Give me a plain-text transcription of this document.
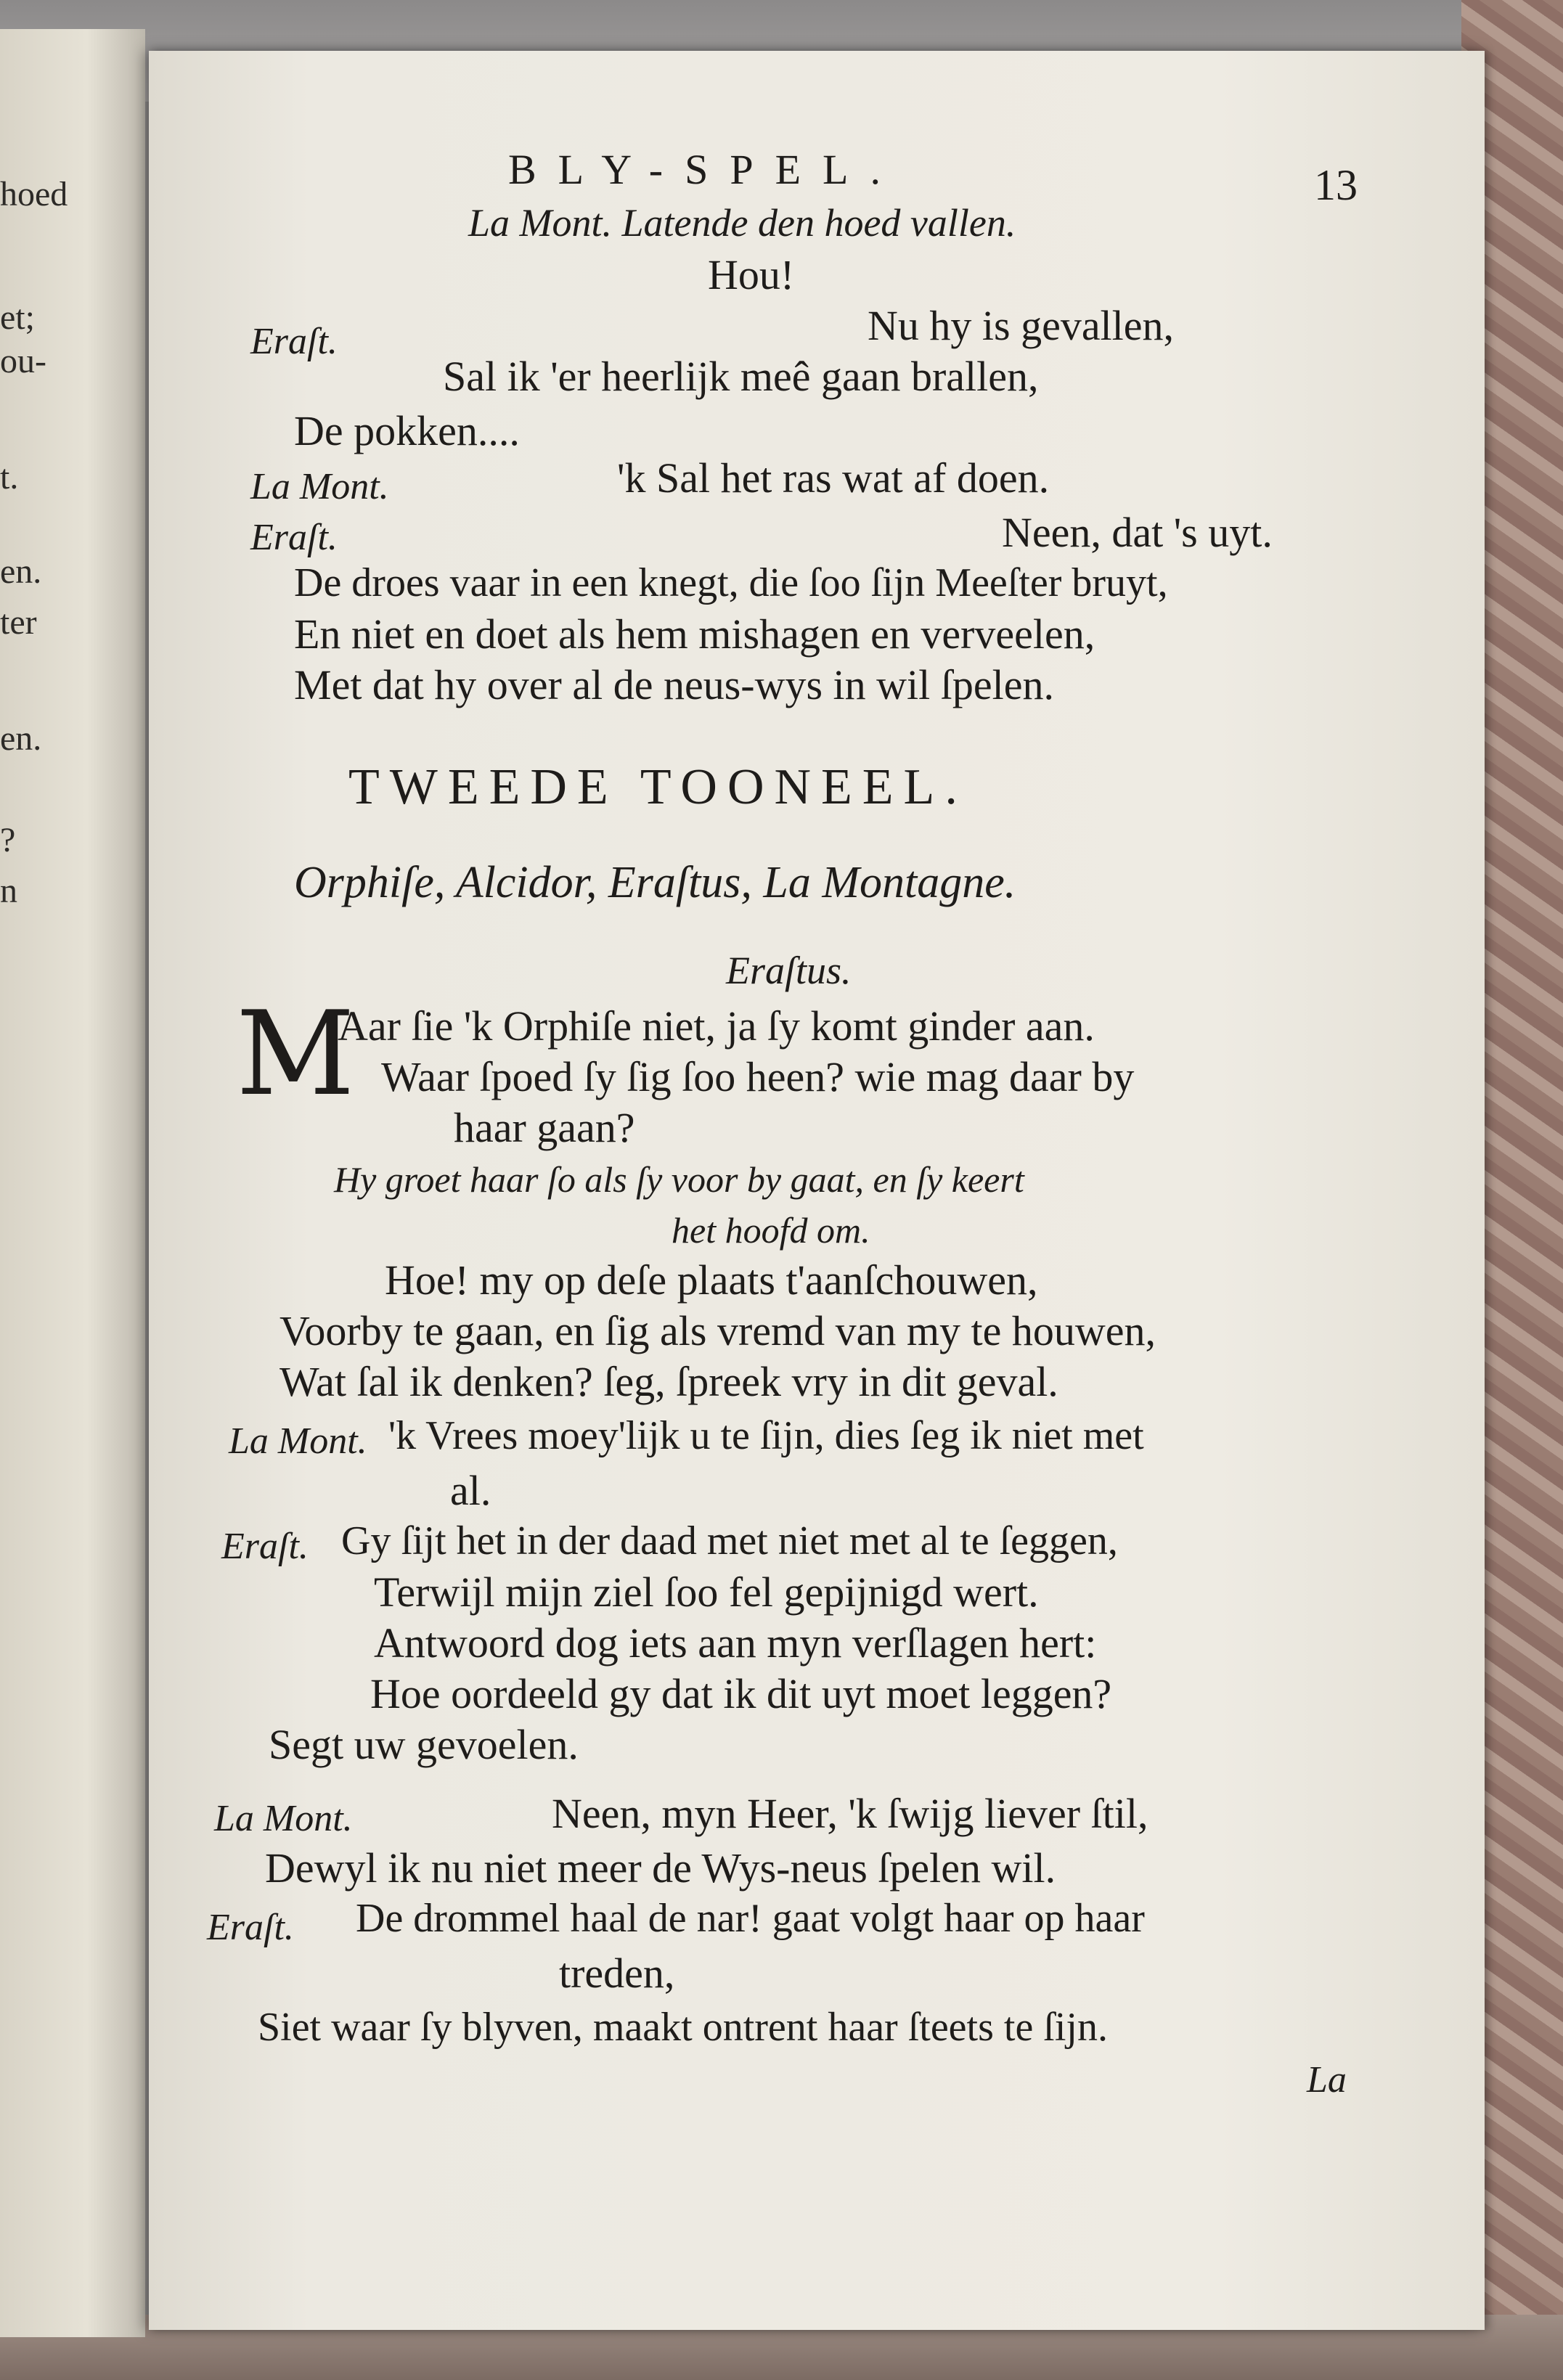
hoed
et;
ou-
t.
en.
ter
en.
?
n
BLY-SPEL.	13
La Mont. Latende den hoed vallen.
Hou!
Eraſt.	Nu hy is gevallen,
Sal ik 'er heerlijk meê gaan brallen,
De pokken....
La Mont.	'k Sal het ras wat af doen.
Eraſt.	Neen, dat 's uyt.
De droes vaar in een knegt, die ſoo ſijn Meeſter bruyt,
En niet en doet als hem mishagen en verveelen,
Met dat hy over al de neus-wys in wil ſpelen.
TWEEDE TOONEEL.
Orphiſe, Alcidor, Eraſtus, La Montagne.
Eraſtus.
M
Aar ſie 'k Orphiſe niet, ja ſy komt ginder aan.
Waar ſpoed ſy ſig ſoo heen? wie mag daar by
haar gaan?
Hy groet haar ſo als ſy voor by gaat, en ſy keert
het hoofd om.
Hoe! my op deſe plaats t'aanſchouwen,
Voorby te gaan, en ſig als vremd van my te houwen,
Wat ſal ik denken? ſeg, ſpreek vry in dit geval.
La Mont. 'k Vrees moey'lijk u te ſijn, dies ſeg ik niet met
al.
Eraſt. Gy ſijt het in der daad met niet met al te ſeggen,
Terwijl mijn ziel ſoo fel gepijnigd wert.
Antwoord dog iets aan myn verſlagen hert:
Hoe oordeeld gy dat ik dit uyt moet leggen?
Segt uw gevoelen.
La Mont.	Neen, myn Heer, 'k ſwijg liever ſtil,
Dewyl ik nu niet meer de Wys-neus ſpelen wil.
Eraſt. De drommel haal de nar! gaat volgt haar op haar
treden,
Siet waar ſy blyven, maakt ontrent haar ſteets te ſijn.
La
